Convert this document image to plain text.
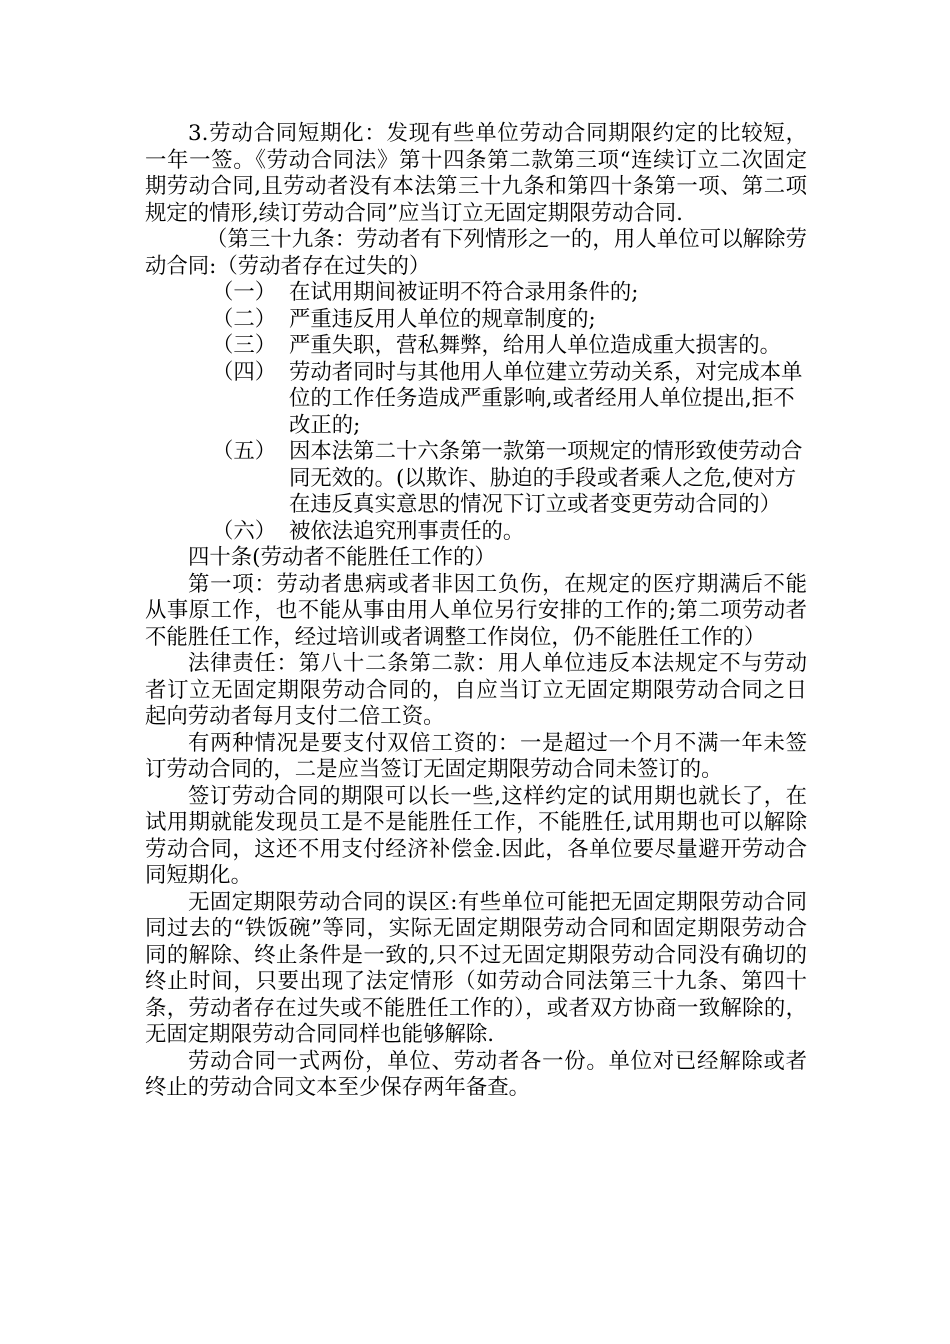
3.劳动合同短期化：发现有些单位劳动合同期限约定的比较短，一年一签。《劳动合同法》第十四条第二款第三项“连续订立二次固定期劳动合同,且劳动者没有本法第三十九条和第四十条第一项、第二项规定的情形,续订劳动合同”应当订立无固定期限劳动合同.

（第三十九条：劳动者有下列情形之一的，用人单位可以解除劳动合同:（劳动者存在过失的）

（一） 在试用期间被证明不符合录用条件的;
（二） 严重违反用人单位的规章制度的;
（三） 严重失职，营私舞弊，给用人单位造成重大损害的。
（四） 劳动者同时与其他用人单位建立劳动关系，对完成本单位的工作任务造成严重影响,或者经用人单位提出,拒不改正的;
（五） 因本法第二十六条第一款第一项规定的情形致使劳动合同无效的。(以欺诈、胁迫的手段或者乘人之危,使对方在违反真实意思的情况下订立或者变更劳动合同的）
（六） 被依法追究刑事责任的。

四十条(劳动者不能胜任工作的）

第一项：劳动者患病或者非因工负伤，在规定的医疗期满后不能从事原工作，也不能从事由用人单位另行安排的工作的;第二项劳动者不能胜任工作，经过培训或者调整工作岗位，仍不能胜任工作的）

法律责任：第八十二条第二款：用人单位违反本法规定不与劳动者订立无固定期限劳动合同的，自应当订立无固定期限劳动合同之日起向劳动者每月支付二倍工资。

有两种情况是要支付双倍工资的：一是超过一个月不满一年未签订劳动合同的，二是应当签订无固定期限劳动合同未签订的。

签订劳动合同的期限可以长一些,这样约定的试用期也就长了，在试用期就能发现员工是不是能胜任工作，不能胜任,试用期也可以解除劳动合同，这还不用支付经济补偿金.因此，各单位要尽量避开劳动合同短期化。

无固定期限劳动合同的误区:有些单位可能把无固定期限劳动合同同过去的“铁饭碗”等同，实际无固定期限劳动合同和固定期限劳动合同的解除、终止条件是一致的,只不过无固定期限劳动合同没有确切的终止时间，只要出现了法定情形（如劳动合同法第三十九条、第四十条，劳动者存在过失或不能胜任工作的），或者双方协商一致解除的，无固定期限劳动合同同样也能够解除.

劳动合同一式两份，单位、劳动者各一份。单位对已经解除或者终止的劳动合同文本至少保存两年备查。
